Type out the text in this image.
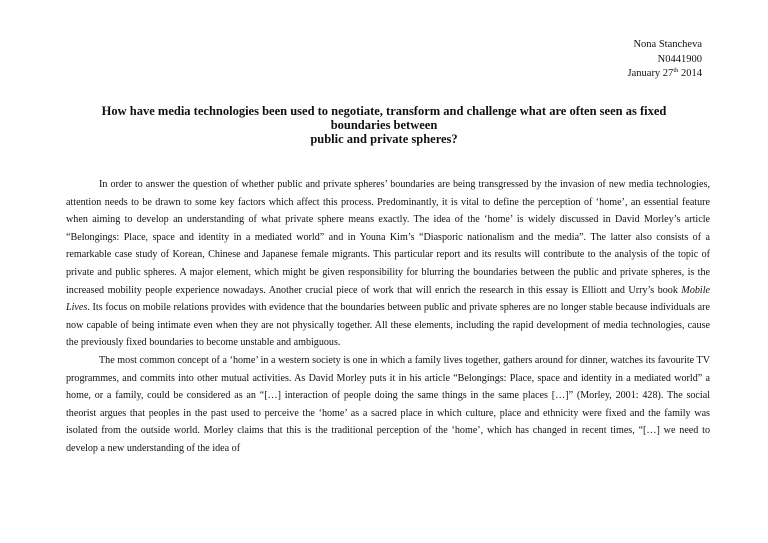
Nona Stancheva
N0441900
January 27th 2014
How have media technologies been used to negotiate, transform and challenge what are often seen as fixed
boundaries between
public and private spheres?

In order to answer the question of whether public and private spheres’ boundaries are being transgressed by the invasion of new media technologies, attention needs to be drawn to some key factors which affect this process. Predominantly, it is vital to define the perception of ‘home’, an essential feature when aiming to develop an understanding of what private sphere means exactly. The idea of the ‘home’ is widely discussed in David Morley’s article “Belongings: Place, space and identity in a mediated world” and in Youna Kim’s “Diasporic nationalism and the media”. The latter also consists of a remarkable case study of Korean, Chinese and Japanese female migrants. This particular report and its results will contribute to the analysis of the topic of private and public spheres. A major element, which might be given responsibility for blurring the boundaries between the public and private spheres, is the increased mobility people experience nowadays. Another crucial piece of work that will enrich the research in this essay is Elliott and Urry’s book Mobile Lives. Its focus on mobile relations provides with evidence that the boundaries between public and private spheres are no longer stable because individuals are now capable of being intimate even when they are not physically together. All these elements, including the rapid development of media technologies, cause the previously fixed boundaries to become unstable and ambiguous.

The most common concept of a ‘home’ in a western society is one in which a family lives together, gathers around for dinner, watches its favourite TV programmes, and commits into other mutual activities. As David Morley puts it in his article “Belongings: Place, space and identity in a mediated world” a home, or a family, could be considered as an “[…] interaction of people doing the same things in the same places […]” (Morley, 2001: 428). The social theorist argues that peoples in the past used to perceive the ‘home’ as a sacred place in which culture, place and ethnicity were fixed and the family was isolated from the outside world. Morley claims that this is the traditional perception of the ‘home’, which has changed in recent times, “[…] we need to develop a new understanding of the idea of
